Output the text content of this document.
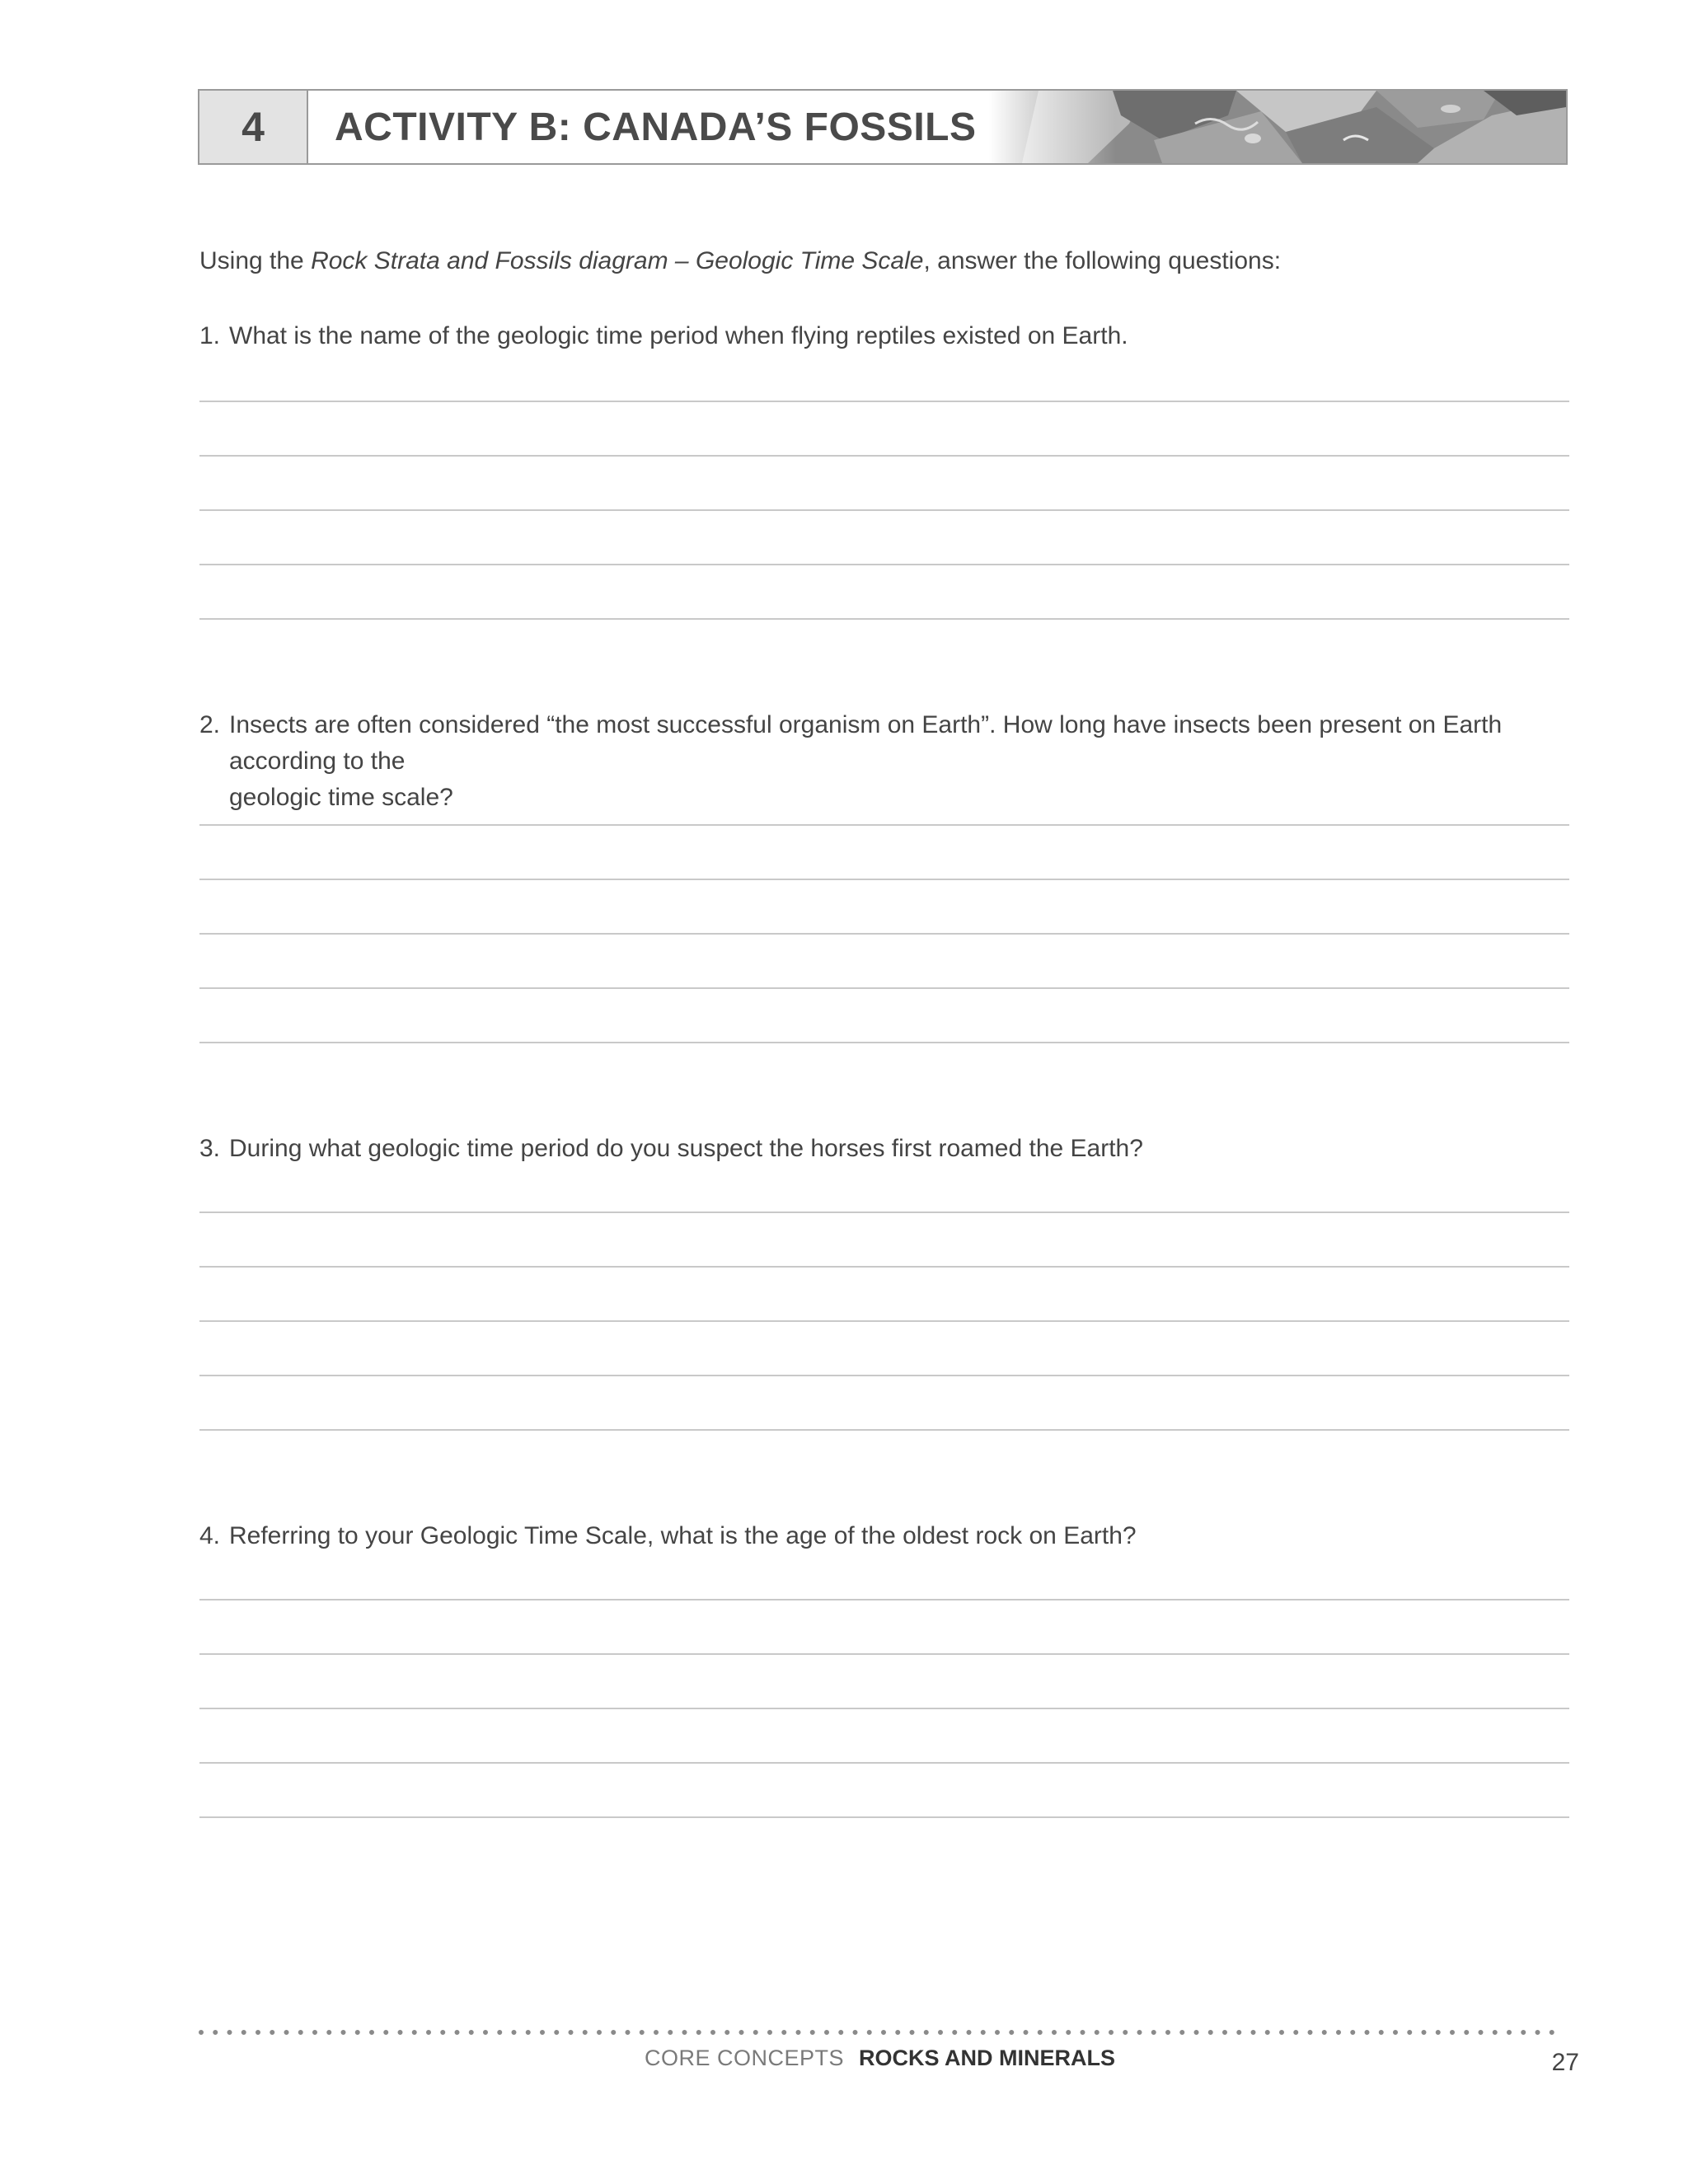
4	ACTIVITY B: CANADA’S FOSSILS
Using the Rock Strata and Fossils diagram – Geologic Time Scale, answer the following questions:
1. What is the name of the geologic time period when flying reptiles existed on Earth.
2. Insects are often considered “the most successful organism on Earth”. How long have insects been present on Earth according to the
geologic time scale?
3. During what geologic time period do you suspect the horses first roamed the Earth?
4. Referring to your Geologic Time Scale, what is the age of the oldest rock on Earth?
CORE CONCEPTS ROCKS AND MINERALS	27
